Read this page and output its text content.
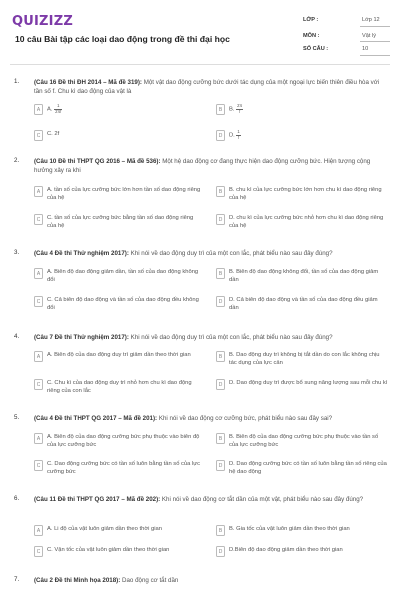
QUIZIZZ
10 câu Bài tập các loại dao động trong đề thi đại học
LỚP :	Lớp 12
MÔN :	Vật lý
SỐ CÂU :	10
1. (Câu 16 Đề thi ĐH 2014 – Mã đề 319): Một vật dao động cưỡng bức dưới tác dụng của một ngoại lực biến thiên điều hòa với tần số f. Chu kì dao động của vật là
A	A. $\frac{1}{2\pi f}$	B	B. $\frac{2\pi}{f}$
C	C. 2f	D	D. $\frac{1}{f}$
2. (Câu 10 Đề thi THPT QG 2016 – Mã đề 536): Một hệ dao động cơ đang thực hiện dao động cưỡng bức. Hiện tượng cộng hưởng xảy ra khi
A	A. tần số của lực cưỡng bức lớn hơn tần số dao động riêng của hệ
B	B. chu kì của lực cưỡng bức lớn hơn chu kì dao động riêng của hệ
C	C. tần số của lực cưỡng bức bằng tần số dao động riêng của hệ
D	D. chu kì của lực cưỡng bức nhỏ hơn chu kì dao động riêng của hệ
3. (Câu 4 Đề thi Thử nghiệm 2017): Khi nói về dao động duy trì của một con lắc, phát biểu nào sau đây đúng?
A	A. Biên độ dao động giảm dần, tần số của dao động không đổi
B	B. Biên độ dao động không đổi, tần số của dao động giảm dần
C	C. Cả biên độ dao động và tần số của dao động đều không đổi
D	D. Cả biên độ dao động và tần số của dao động đều giảm dần
4. (Câu 7 Đề thi Thử nghiệm 2017): Khi nói về dao động duy trì của một con lắc, phát biểu nào sau đây đúng?
A	A. Biên độ của dao động duy trì giảm dần theo thời gian	B	B. Dao động duy trì không bị tắt dần do con lắc không chịu tác dụng của lực cản
C	C. Chu kì của dao động duy trì nhỏ hơn chu kì dao động riêng của con lắc
D	D. Dao động duy trì được bổ sung năng lượng sau mỗi chu kì
5. (Câu 4 Đề thi THPT QG 2017 – Mã đề 201): Khi nói về dao động cơ cưỡng bức, phát biểu nào sau đây sai?
A	A. Biên độ của dao động cưỡng bức phụ thuộc vào biên độ của lực cưỡng bức
B	B. Biên độ của dao động cưỡng bức phụ thuộc vào tần số của lực cưỡng bức
C	C. Dao động cưỡng bức có tần số luôn bằng tần số của lực cưỡng bức
D	D. Dao động cưỡng bức có tần số luôn bằng tần số riêng của hệ dao động
6. (Câu 11 Đề thi THPT QG 2017 – Mã đề 202): Khi nói về dao động cơ tắt dần của một vật, phát biểu nào sau đây đúng?
A	A. Li độ của vật luôn giảm dần theo thời gian	B	B. Gia tốc của vật luôn giảm dần theo thời gian
C	C. Vận tốc của vật luôn giảm dần theo thời gian	D	D.Biên độ dao động giảm dần theo thời gian
7. (Câu 2 Đề thi Minh họa 2018): Dao động cơ tắt dần
